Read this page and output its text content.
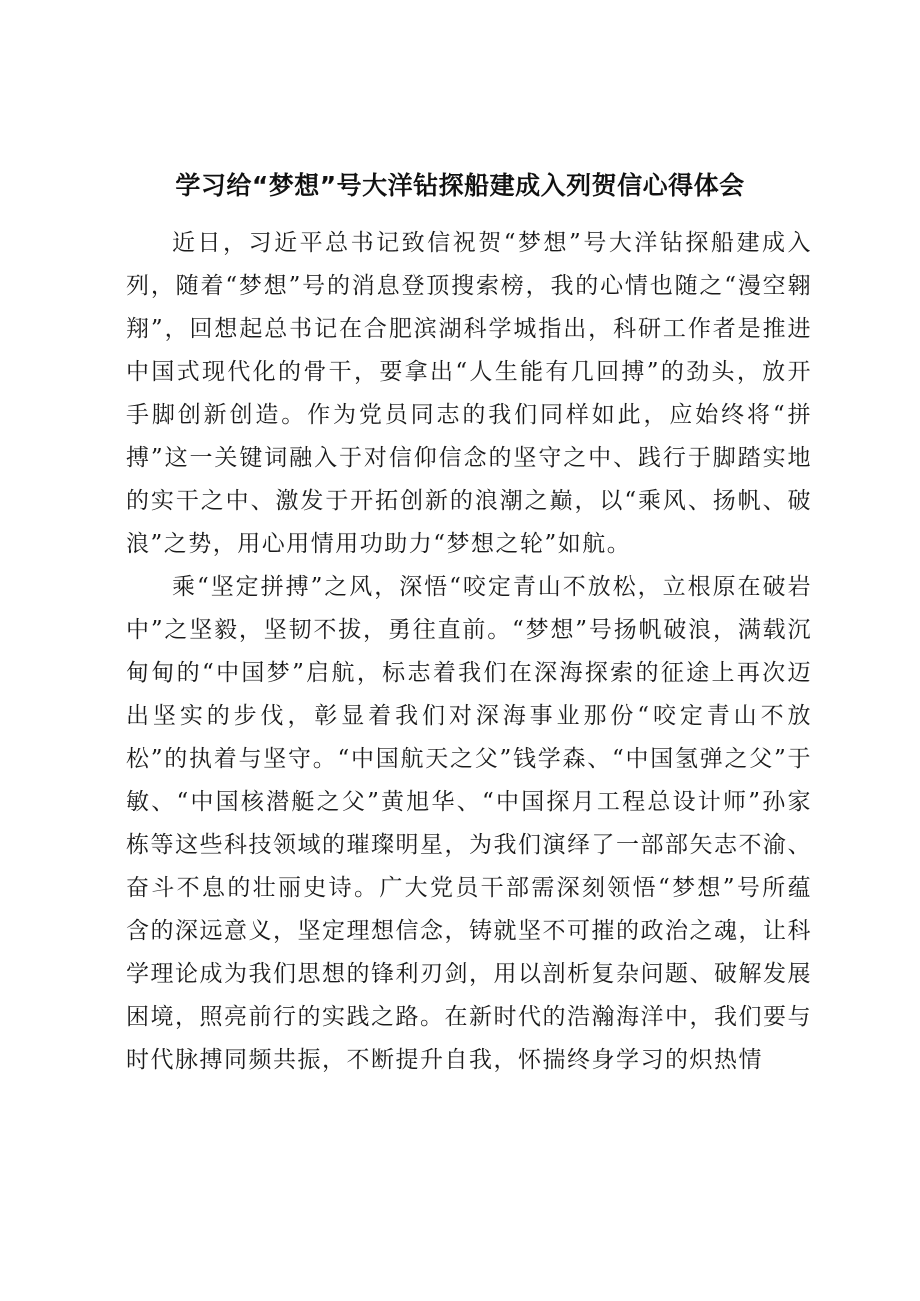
学习给“梦想”号大洋钻探船建成入列贺信心得体会

近日，习近平总书记致信祝贺“梦想”号大洋钻探船建成入列，随着“梦想”号的消息登顶搜索榜，我的心情也随之“漫空翱翔”，回想起总书记在合肥滨湖科学城指出，科研工作者是推进中国式现代化的骨干，要拿出“人生能有几回搏”的劲头，放开手脚创新创造。作为党员同志的我们同样如此，应始终将“拼搏”这一关键词融入于对信仰信念的坚守之中、践行于脚踏实地的实干之中、激发于开拓创新的浪潮之巅，以“乘风、扬帆、破浪”之势，用心用情用功助力“梦想之轮”如航。

乘“坚定拼搏”之风，深悟“咬定青山不放松，立根原在破岩中”之坚毅，坚韧不拔，勇往直前。“梦想”号扬帆破浪，满载沉甸甸的“中国梦”启航，标志着我们在深海探索的征途上再次迈出坚实的步伐，彰显着我们对深海事业那份“咬定青山不放松”的执着与坚守。“中国航天之父”钱学森、“中国氢弹之父”于敏、“中国核潜艇之父”黄旭华、“中国探月工程总设计师”孙家栋等这些科技领域的璀璨明星，为我们演绎了一部部矢志不渝、奋斗不息的壮丽史诗。广大党员干部需深刻领悟“梦想”号所蕴含的深远意义，坚定理想信念，铸就坚不可摧的政治之魂，让科学理论成为我们思想的锋利刃剑，用以剖析复杂问题、破解发展困境，照亮前行的实践之路。在新时代的浩瀚海洋中，我们要与时代脉搏同频共振，不断提升自我，怀揣终身学习的炽热情
